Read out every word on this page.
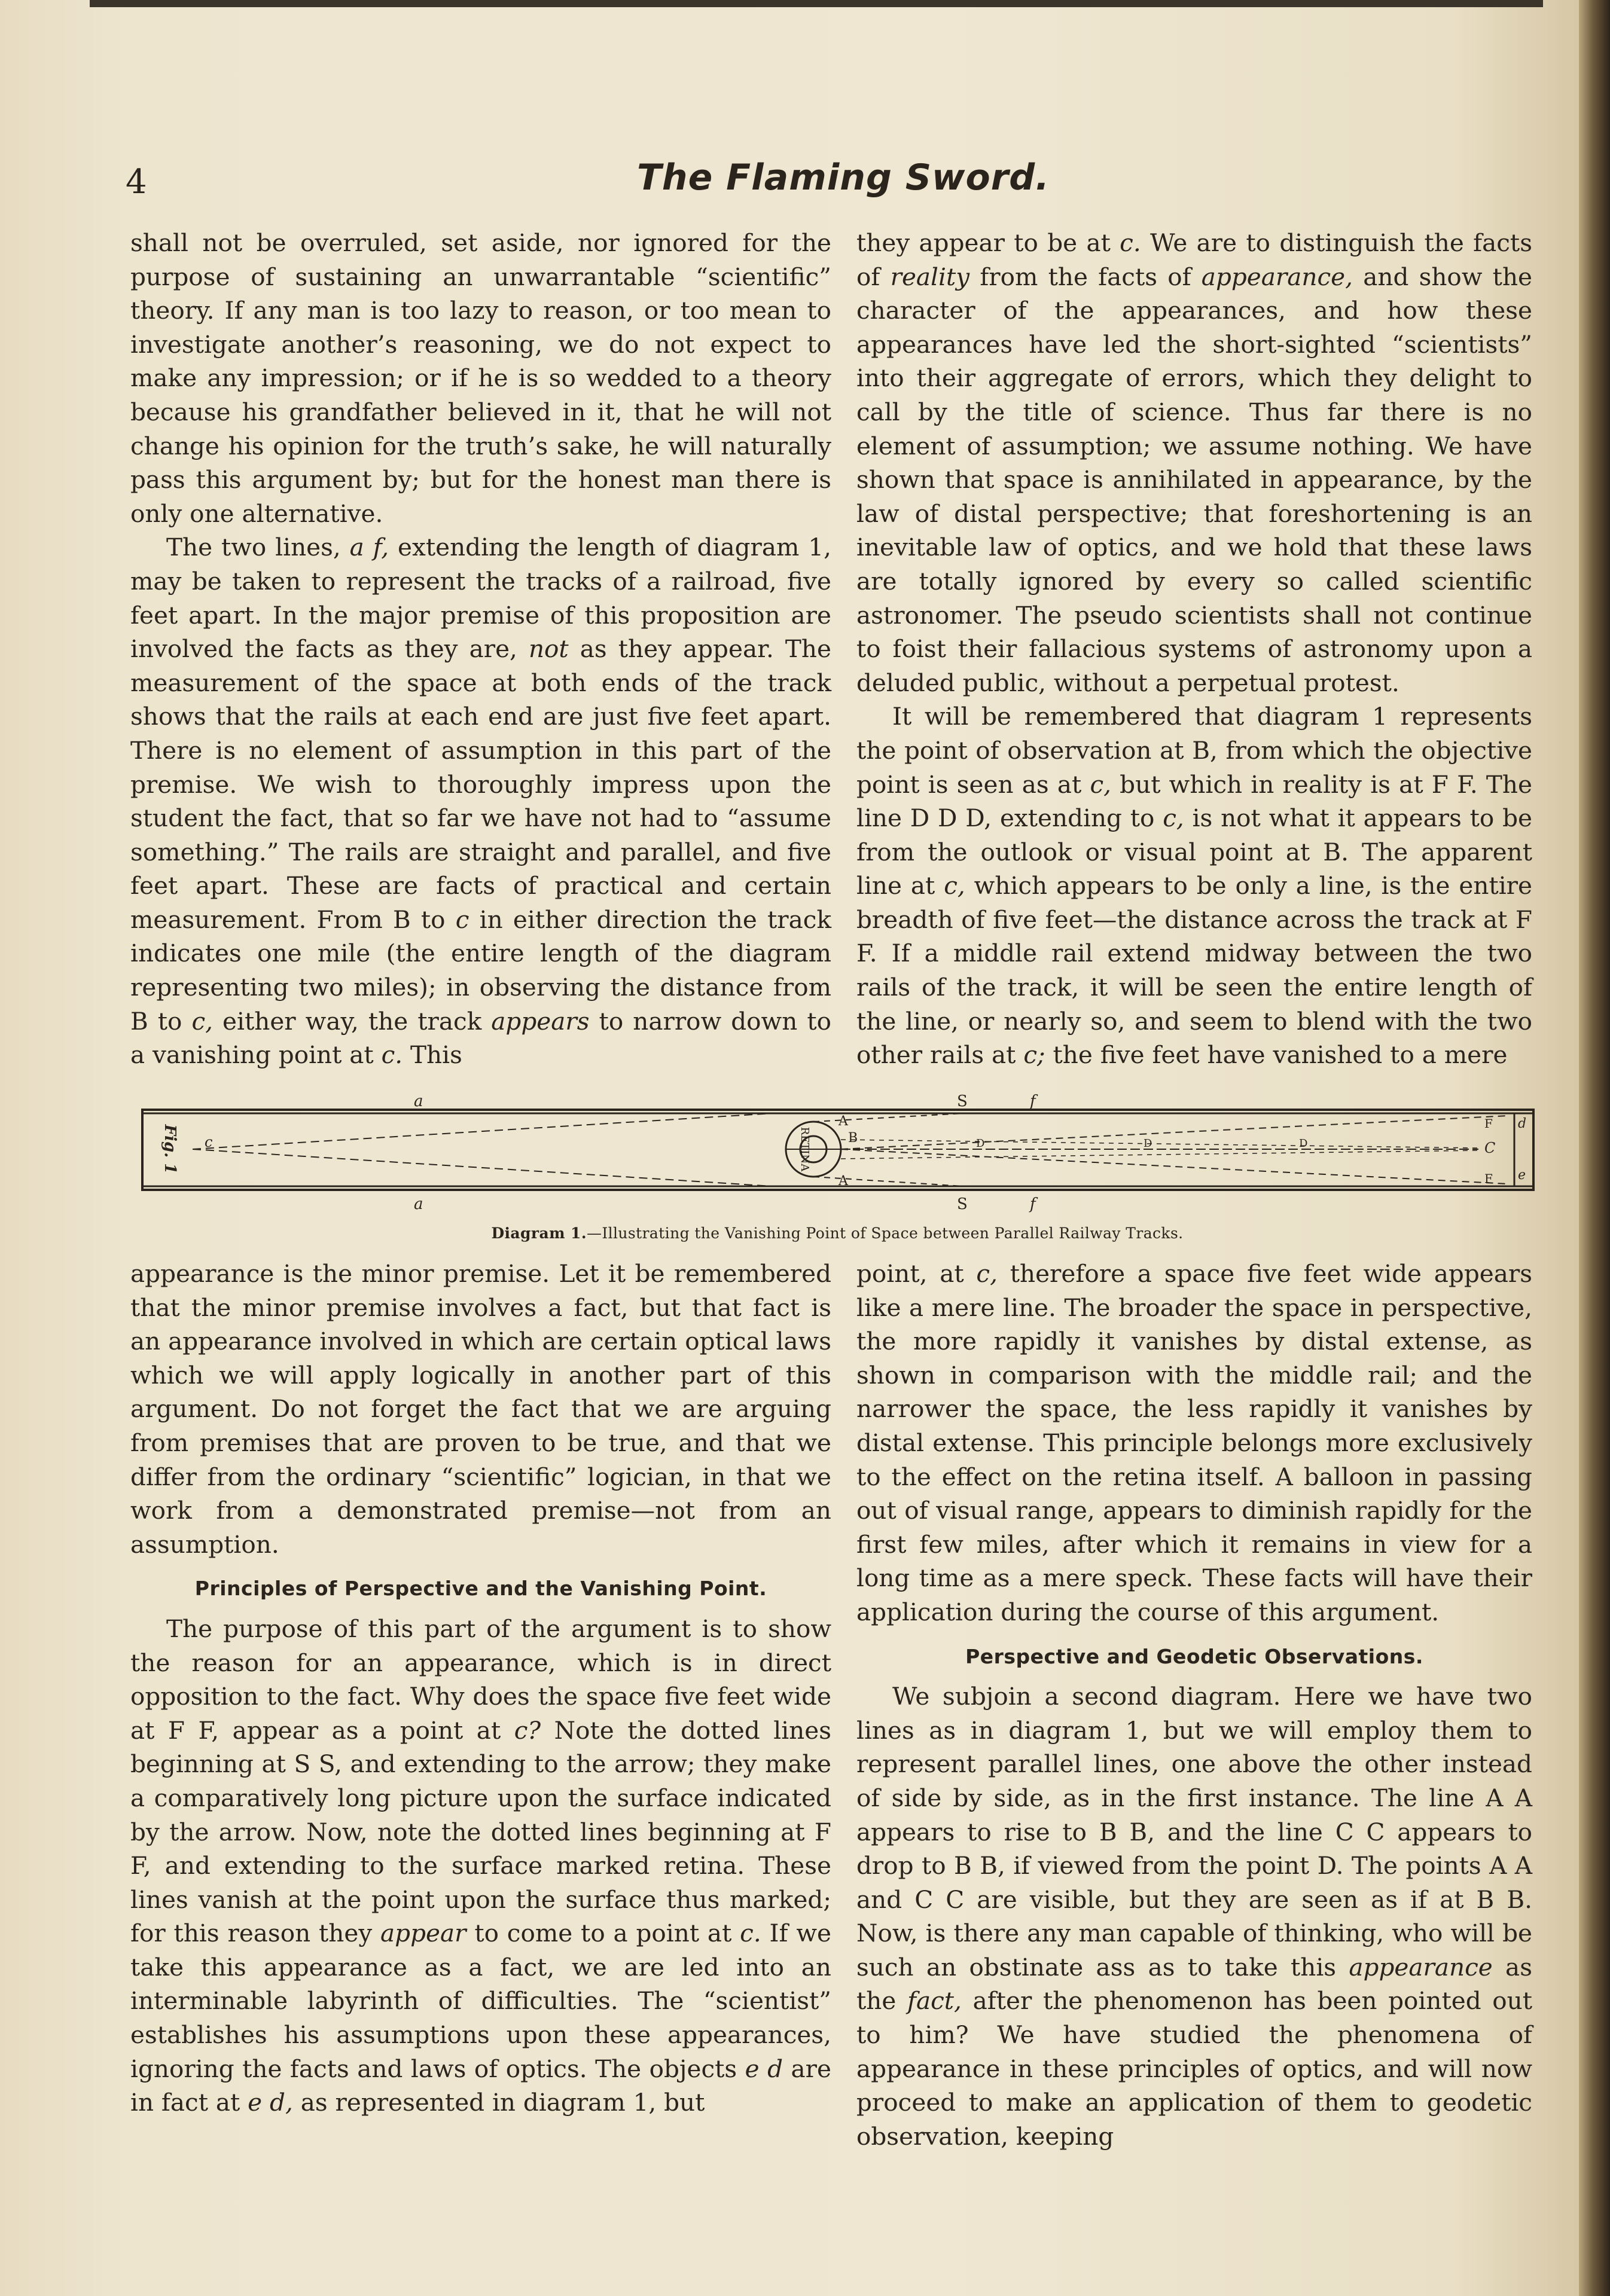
4	The Flaming Sword.

shall not be overruled, set aside, nor ignored for the purpose of sustaining an unwarrantable “scientific” theory. If any man is too lazy to reason, or too mean to investigate another’s reasoning, we do not expect to make any impression; or if he is so wedded to a theory because his grandfather believed in it, that he will not change his opinion for the truth’s sake, he will naturally pass this argument by; but for the honest man there is only one alternative.

The two lines, a f, extending the length of diagram 1, may be taken to represent the tracks of a railroad, five feet apart. In the major premise of this proposition are involved the facts as they are, not as they appear. The measurement of the space at both ends of the track shows that the rails at each end are just five feet apart. There is no element of assumption in this part of the premise. We wish to thoroughly impress upon the student the fact, that so far we have not had to “assume something.” The rails are straight and parallel, and five feet apart. These are facts of practical and certain measurement. From B to c in either direction the track indicates one mile (the entire length of the diagram representing two miles); in observing the distance from B to c, either way, the track appears to narrow down to a vanishing point at c. This

they appear to be at c. We are to distinguish the facts of reality from the facts of appearance, and show the character of the appearances, and how these appearances have led the short-sighted “scientists” into their aggregate of errors, which they delight to call by the title of science. Thus far there is no element of assumption; we assume nothing. We have shown that space is annihilated in appearance, by the law of distal perspective; that foreshortening is an inevitable law of optics, and we hold that these laws are totally ignored by every so called scientific astronomer. The pseudo scientists shall not continue to foist their fallacious systems of astronomy upon a deluded public, without a perpetual protest.

It will be remembered that diagram 1 represents the point of observation at B, from which the objective point is seen as at c, but which in reality is at F F. The line D D D, extending to c, is not what it appears to be from the outlook or visual point at B. The apparent line at c, which appears to be only a line, is the entire breadth of five feet—the distance across the track at F F. If a middle rail extend midway between the two rails of the track, it will be seen the entire length of the line, or nearly so, and seem to blend with the two other rails at c; the five feet have vanished to a mere

Fig. 1	RETINA
a
a
S
S
f
f
A
A
B
c	C
D	D	D
F
F
d
e
Diagram 1.—Illustrating the Vanishing Point of Space between Parallel Railway Tracks.

appearance is the minor premise. Let it be remembered that the minor premise involves a fact, but that fact is an appearance involved in which are certain optical laws which we will apply logically in another part of this argument. Do not forget the fact that we are arguing from premises that are proven to be true, and that we differ from the ordinary “scientific” logician, in that we work from a demonstrated premise—not from an assumption.

Principles of Perspective and the Vanishing Point.

The purpose of this part of the argument is to show the reason for an appearance, which is in direct opposition to the fact. Why does the space five feet wide at F F, appear as a point at c? Note the dotted lines beginning at S S, and extending to the arrow; they make a comparatively long picture upon the surface indicated by the arrow. Now, note the dotted lines beginning at F F, and extending to the surface marked retina. These lines vanish at the point upon the surface thus marked; for this reason they appear to come to a point at c. If we take this appearance as a fact, we are led into an interminable labyrinth of difficulties. The “scientist” establishes his assumptions upon these appearances, ignoring the facts and laws of optics. The objects e d are in fact at e d, as represented in diagram 1, but

point, at c, therefore a space five feet wide appears like a mere line. The broader the space in perspective, the more rapidly it vanishes by distal extense, as shown in comparison with the middle rail; and the narrower the space, the less rapidly it vanishes by distal extense. This principle belongs more exclusively to the effect on the retina itself. A balloon in passing out of visual range, appears to diminish rapidly for the first few miles, after which it remains in view for a long time as a mere speck. These facts will have their application during the course of this argument.

Perspective and Geodetic Observations.

We subjoin a second diagram. Here we have two lines as in diagram 1, but we will employ them to represent parallel lines, one above the other instead of side by side, as in the first instance. The line A A appears to rise to B B, and the line C C appears to drop to B B, if viewed from the point D. The points A A and C C are visible, but they are seen as if at B B. Now, is there any man capable of thinking, who will be such an obstinate ass as to take this appearance as the fact, after the phenomenon has been pointed out to him? We have studied the phenomena of appearance in these principles of optics, and will now proceed to make an application of them to geodetic observation, keeping
